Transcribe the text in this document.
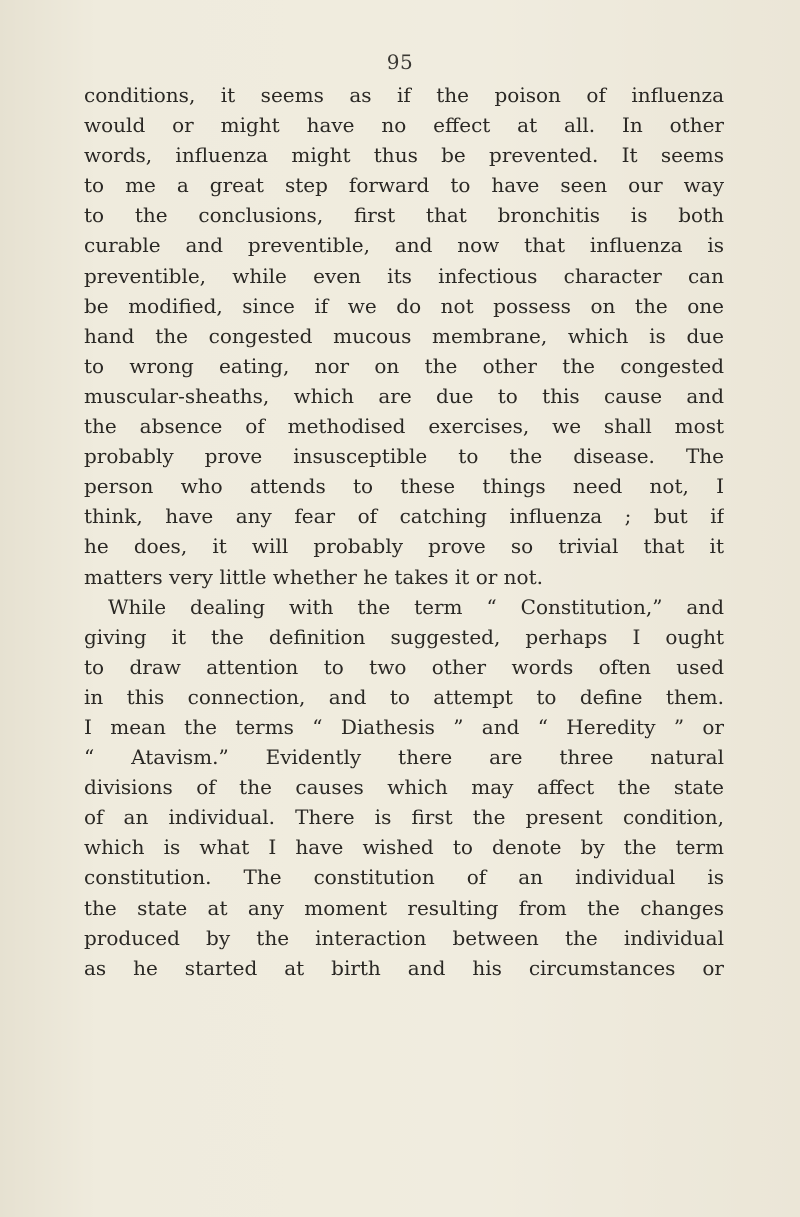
95
conditions, it seems as if the poison of influenza
would or might have no effect at all. In other
words, influenza might thus be prevented. It seems
to me a great step forward to have seen our way
to the conclusions, first that bronchitis is both
curable and preventible, and now that influenza is
preventible, while even its infectious character can
be modified, since if we do not possess on the one
hand the congested mucous membrane, which is due
to wrong eating, nor on the other the congested
muscular-sheaths, which are due to this cause and
the absence of methodised exercises, we shall most
probably prove insusceptible to the disease. The
person who attends to these things need not, I
think, have any fear of catching influenza ; but if
he does, it will probably prove so trivial that it
matters very little whether he takes it or not.
While dealing with the term “ Constitution,” and
giving it the definition suggested, perhaps I ought
to draw attention to two other words often used
in this connection, and to attempt to define them.
I mean the terms “ Diathesis ” and “ Heredity ” or
“ Atavism.” Evidently there are three natural
divisions of the causes which may affect the state
of an individual. There is first the present condition,
which is what I have wished to denote by the term
constitution. The constitution of an individual is
the state at any moment resulting from the changes
produced by the interaction between the individual
as he started at birth and his circumstances or
